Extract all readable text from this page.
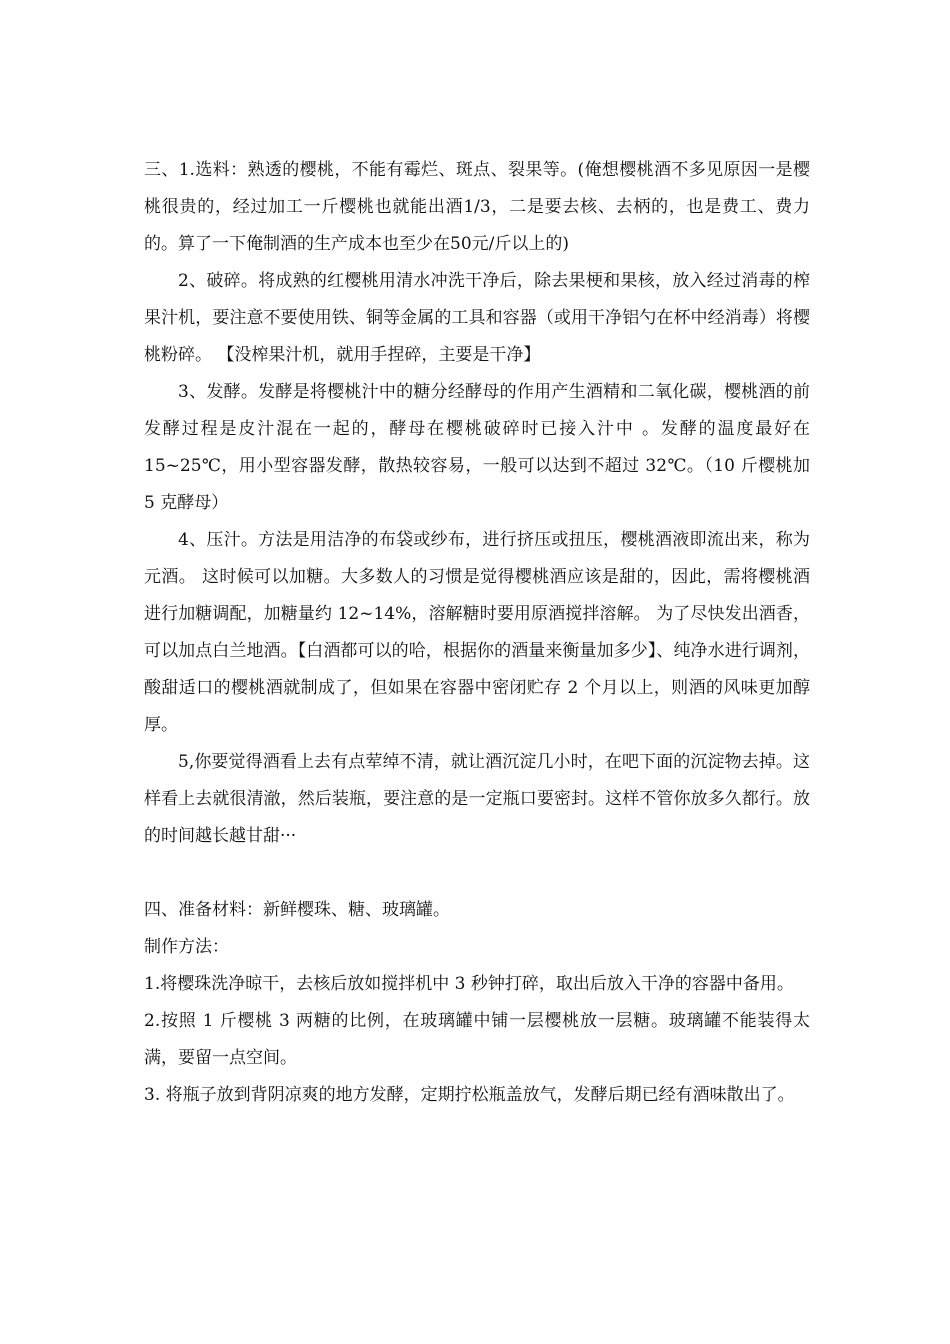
三、1.选料：熟透的樱桃，不能有霉烂、斑点、裂果等。(俺想樱桃酒不多见原因一是樱桃很贵的，经过加工一斤樱桃也就能出酒1/3，二是要去核、去柄的，也是费工、费力的。算了一下俺制酒的生产成本也至少在50元/斤以上的)

2、破碎。将成熟的红樱桃用清水冲洗干净后，除去果梗和果核，放入经过消毒的榨果汁机，要注意不要使用铁、铜等金属的工具和容器（或用干净铝勺在杯中经消毒）将樱桃粉碎。 【没榨果汁机，就用手捏碎，主要是干净】

3、发酵。发酵是将樱桃汁中的糖分经酵母的作用产生酒精和二氧化碳，樱桃酒的前发酵过程是皮汁混在一起的，酵母在樱桃破碎时已接入汁中 。发酵的温度最好在 15~25℃，用小型容器发酵，散热较容易，一般可以达到不超过 32℃。（10 斤樱桃加 5 克酵母）

4、压汁。方法是用洁净的布袋或纱布，进行挤压或扭压，樱桃酒液即流出来，称为元酒。 这时候可以加糖。大多数人的习惯是觉得樱桃酒应该是甜的，因此，需将樱桃酒进行加糖调配，加糖量约 12~14%，溶解糖时要用原酒搅拌溶解。 为了尽快发出酒香，可以加点白兰地酒。【白酒都可以的哈，根据你的酒量来衡量加多少】、纯净水进行调剂，酸甜适口的樱桃酒就制成了，但如果在容器中密闭贮存 2 个月以上，则酒的风味更加醇厚。

5,你要觉得酒看上去有点荤绰不清，就让酒沉淀几小时，在吧下面的沉淀物去掉。这样看上去就很清澈，然后装瓶，要注意的是一定瓶口要密封。这样不管你放多久都行。放的时间越长越甘甜···

四、准备材料：新鲜樱珠、糖、玻璃罐。

制作方法：

1.将樱珠洗净晾干，去核后放如搅拌机中 3 秒钟打碎，取出后放入干净的容器中备用。

2.按照 1 斤樱桃 3 两糖的比例，在玻璃罐中铺一层樱桃放一层糖。玻璃罐不能装得太满，要留一点空间。

3. 将瓶子放到背阴凉爽的地方发酵，定期拧松瓶盖放气，发酵后期已经有酒味散出了。
